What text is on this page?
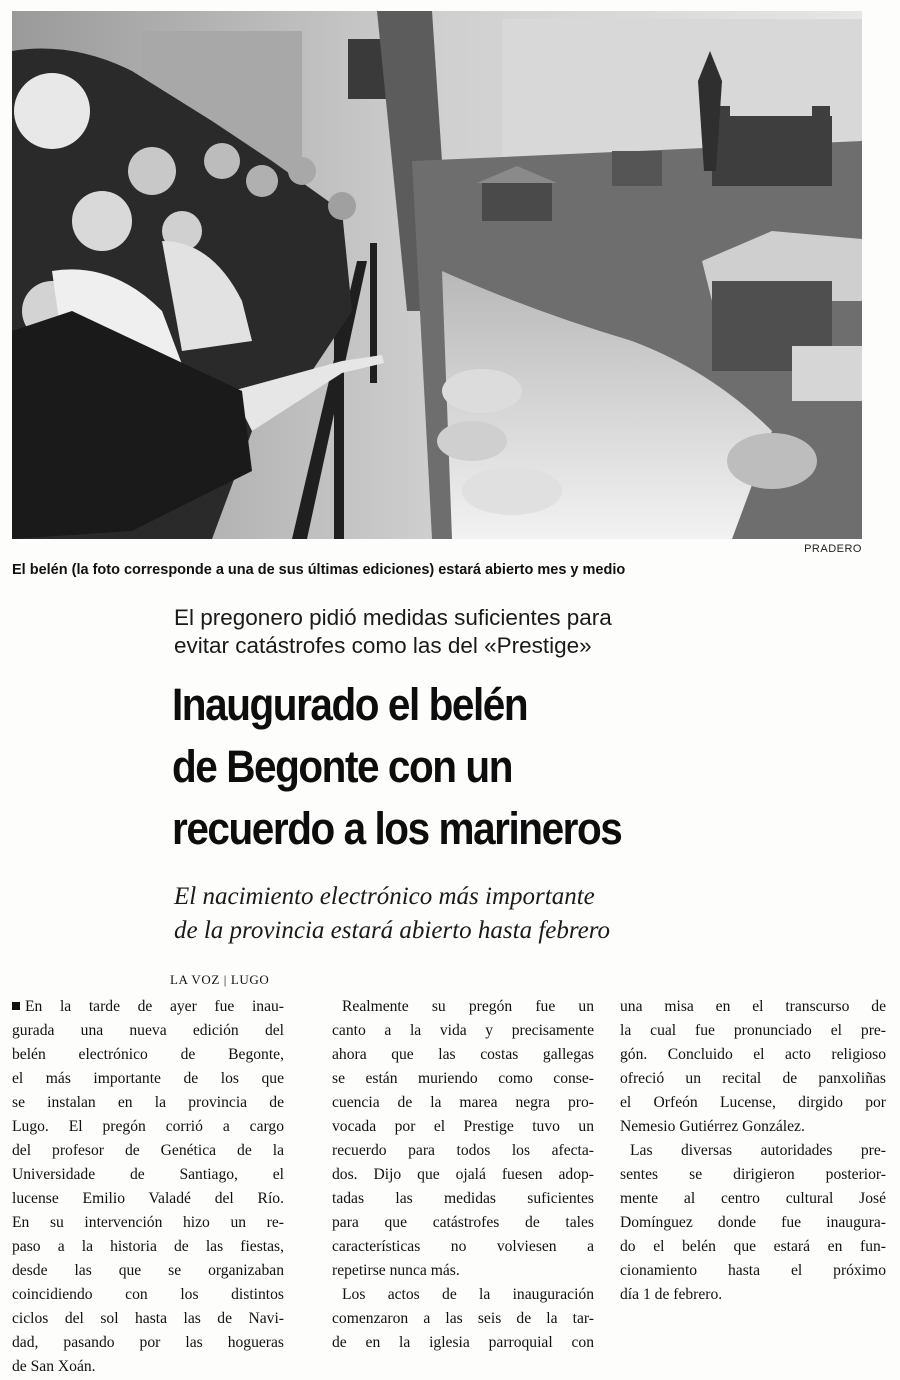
PRADERO
El belén (la foto corresponde a una de sus últimas ediciones) estará abierto mes y medio
El pregonero pidió medidas suficientes para
evitar catástrofes como las del «Prestige»
Inaugurado el belén
de Begonte con un
recuerdo a los marineros
El nacimiento electrónico más importante
de la provincia estará abierto hasta febrero
LA VOZ | LUGO
En la tarde de ayer fue inau-
gurada una nueva edición del
belén electrónico de Begonte,
el más importante de los que
se instalan en la provincia de
Lugo. El pregón corrió a cargo
del profesor de Genética de la
Universidade de Santiago, el
lucense Emilio Valadé del Río.
En su intervención hizo un re-
paso a la historia de las fiestas,
desde las que se organizaban
coincidiendo con los distintos
ciclos del sol hasta las de Navi-
dad, pasando por las hogueras
de San Xoán.
Realmente su pregón fue un
canto a la vida y precisamente
ahora que las costas gallegas
se están muriendo como conse-
cuencia de la marea negra pro-
vocada por el Prestige tuvo un
recuerdo para todos los afecta-
dos. Dijo que ojalá fuesen adop-
tadas las medidas suficientes
para que catástrofes de tales
características no volviesen a
repetirse nunca más.
Los actos de la inauguración
comenzaron a las seis de la tar-
de en la iglesia parroquial con
una misa en el transcurso de
la cual fue pronunciado el pre-
gón. Concluido el acto religioso
ofreció un recital de panxoliñas
el Orfeón Lucense, dirgido por
Nemesio Gutiérrez González.
Las diversas autoridades pre-
sentes se dirigieron posterior-
mente al centro cultural José
Domínguez donde fue inaugura-
do el belén que estará en fun-
cionamiento hasta el próximo
día 1 de febrero.
